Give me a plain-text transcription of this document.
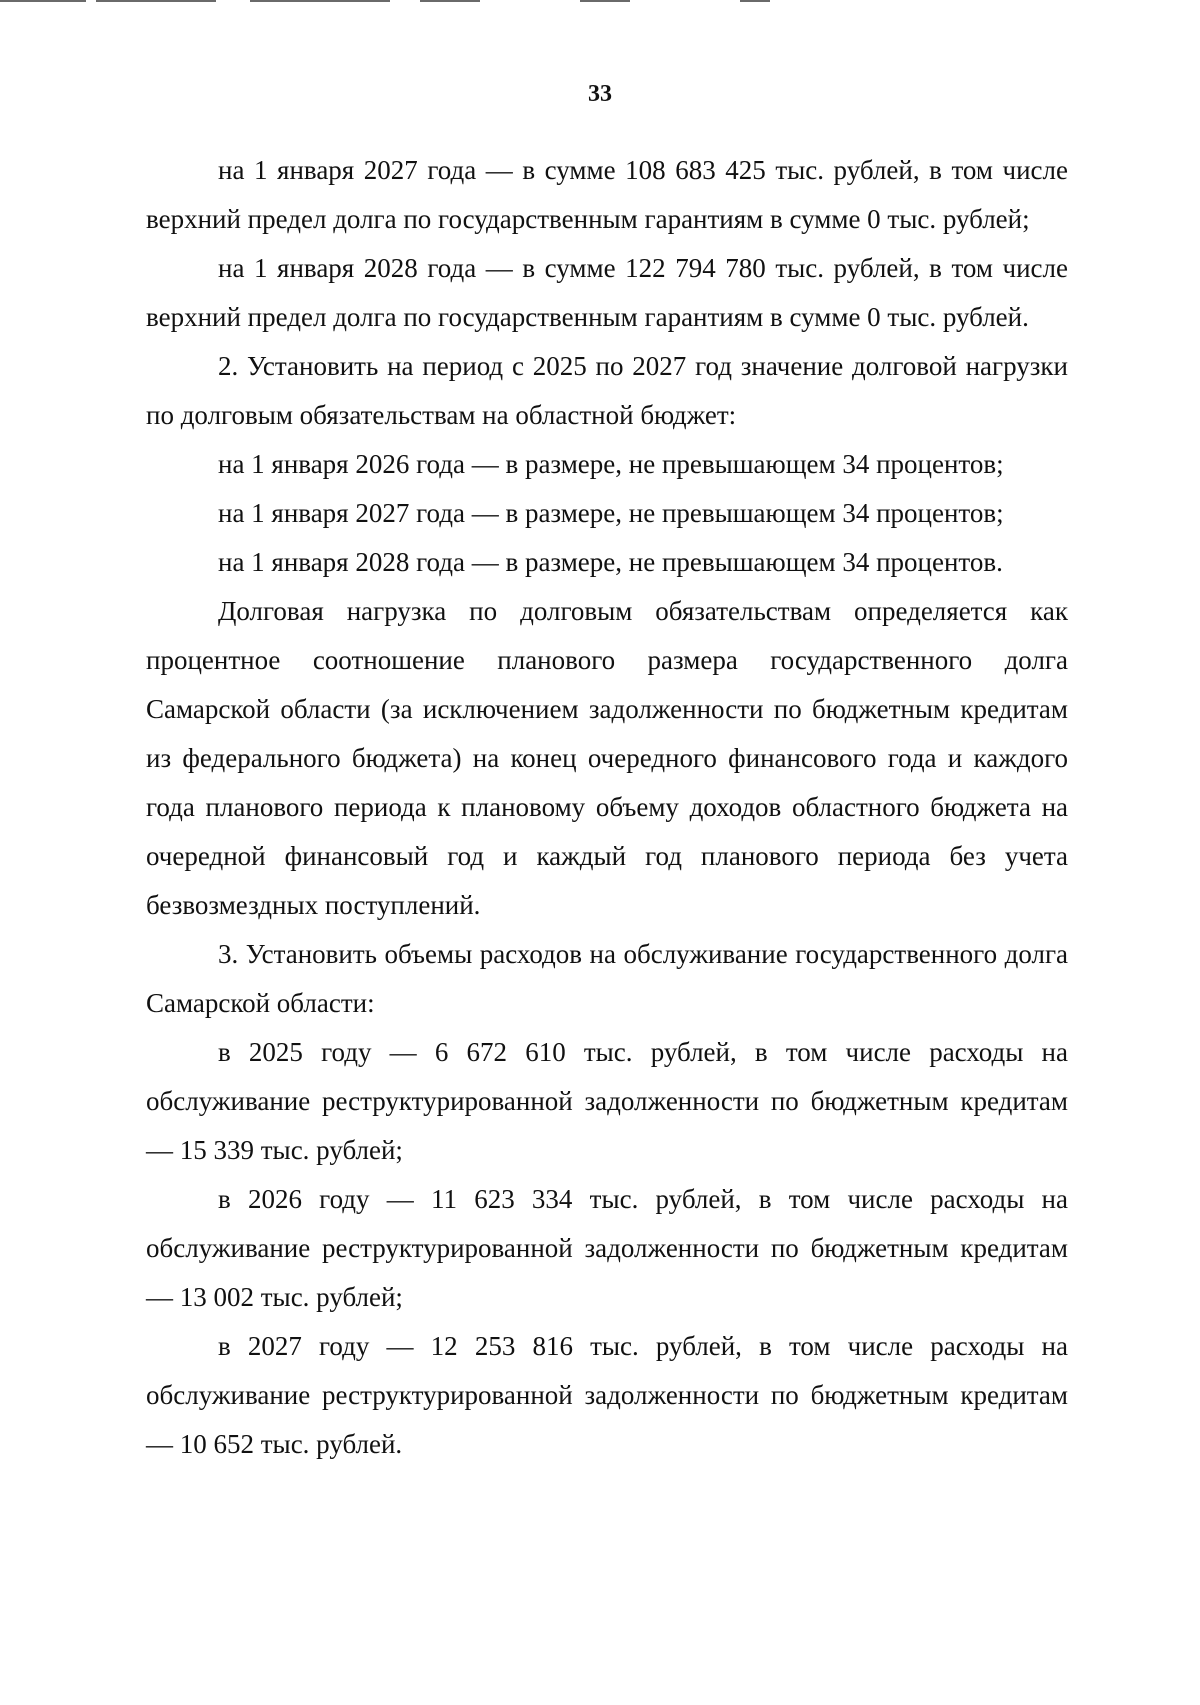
33

на 1 января 2027 года — в сумме 108 683 425 тыс. рублей, в том числе верхний предел долга по государственным гарантиям в сумме 0 тыс. рублей;

на 1 января 2028 года — в сумме 122 794 780 тыс. рублей, в том числе верхний предел долга по государственным гарантиям в сумме 0 тыс. рублей.

2. Установить на период с 2025 по 2027 год значение долговой нагрузки по долговым обязательствам на областной бюджет:

на 1 января 2026 года — в размере, не превышающем 34 процентов;

на 1 января 2027 года — в размере, не превышающем 34 процентов;

на 1 января 2028 года — в размере, не превышающем 34 процентов.

Долговая нагрузка по долговым обязательствам определяется как процентное соотношение планового размера государственного долга Самарской области (за исключением задолженности по бюджетным кредитам из федерального бюджета) на конец очередного финансового года и каждого года планового периода к плановому объему доходов областного бюджета на очередной финансовый год и каждый год планового периода без учета безвозмездных поступлений.

3. Установить объемы расходов на обслуживание государственного долга Самарской области:

в 2025 году — 6 672 610 тыс. рублей, в том числе расходы на обслуживание реструктурированной задолженности по бюджетным кредитам — 15 339 тыс. рублей;

в 2026 году — 11 623 334 тыс. рублей, в том числе расходы на обслуживание реструктурированной задолженности по бюджетным кредитам — 13 002 тыс. рублей;

в 2027 году — 12 253 816 тыс. рублей, в том числе расходы на обслуживание реструктурированной задолженности по бюджетным кредитам — 10 652 тыс. рублей.
